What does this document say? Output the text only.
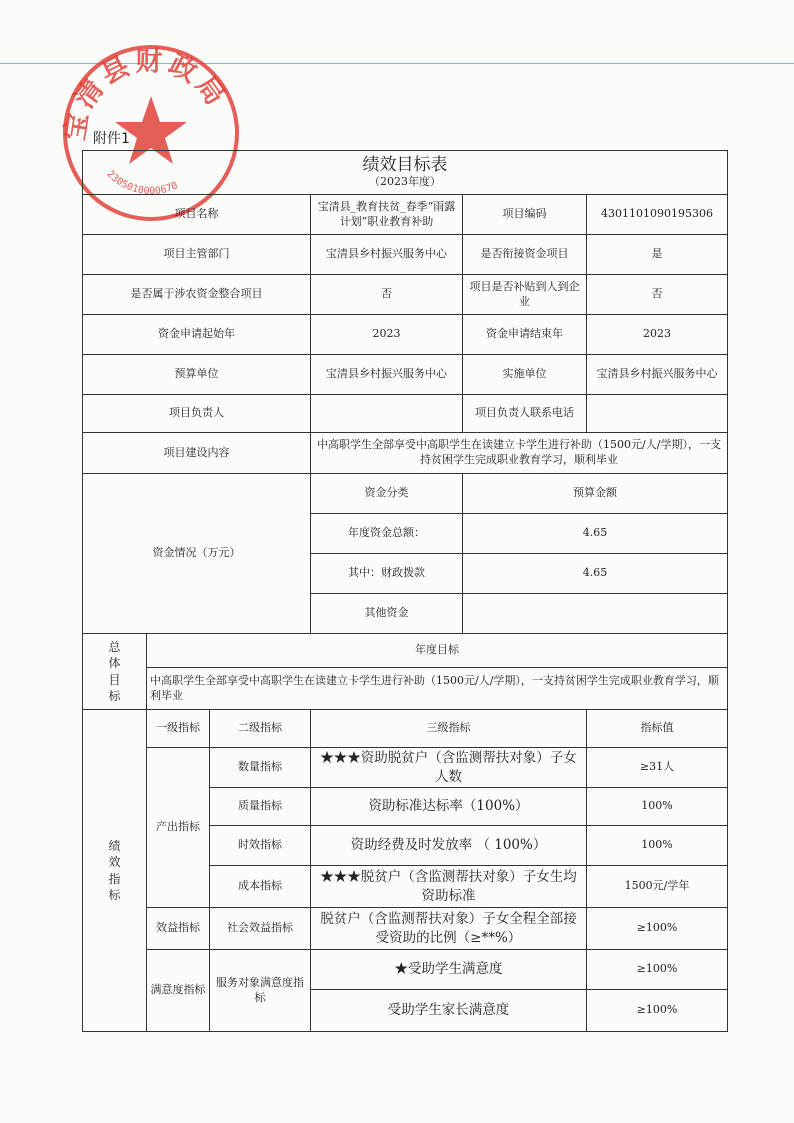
宝清县财政局
2305010000670
附件1
绩效目标表
（2023年度）					

项目名称			宝清县_教育扶贫_春季“雨露计划”职业教育补助	项目编码	4301101090195306
项目主管部门			宝清县乡村振兴服务中心	是否衔接资金项目	是
是否属于涉农资金整合项目			否	项目是否补贴到人到企业	否
资金申请起始年			2023	资金申请结束年	2023
预算单位			宝清县乡村振兴服务中心	实施单位	宝清县乡村振兴服务中心
项目负责人				项目负责人联系电话	
项目建设内容			中高职学生全部享受中高职学生在读建立卡学生进行补助（1500元/人/学期），一支持贫困学生完成职业教育学习，顺利毕业		
资金情况（万元）			资金分类	预算金额	
			年度资金总额：	4.65	
			其中：财政拨款	4.65	
			其他资金		
总体目标	年度目标				
	中高职学生全部享受中高职学生在读建立卡学生进行补助（1500元/人/学期），一支持贫困学生完成职业教育学习，顺利毕业				
绩效指标	一级指标	二级指标	三级指标		指标值
	产出指标	数量指标	★★★资助脱贫户（含监测帮扶对象）子女人数		≥31人
		质量指标	资助标准达标率（100%）		100%
		时效指标	资助经费及时发放率 （ 100%）		100%
		成本指标	★★★脱贫户（含监测帮扶对象）子女生均资助标准		1500元/学年
	效益指标	社会效益指标	脱贫户（含监测帮扶对象）子女全程全部接受资助的比例（≥**%）		≥100%
	满意度指标	服务对象满意度指标	★受助学生满意度		≥100%
			受助学生家长满意度		≥100%
